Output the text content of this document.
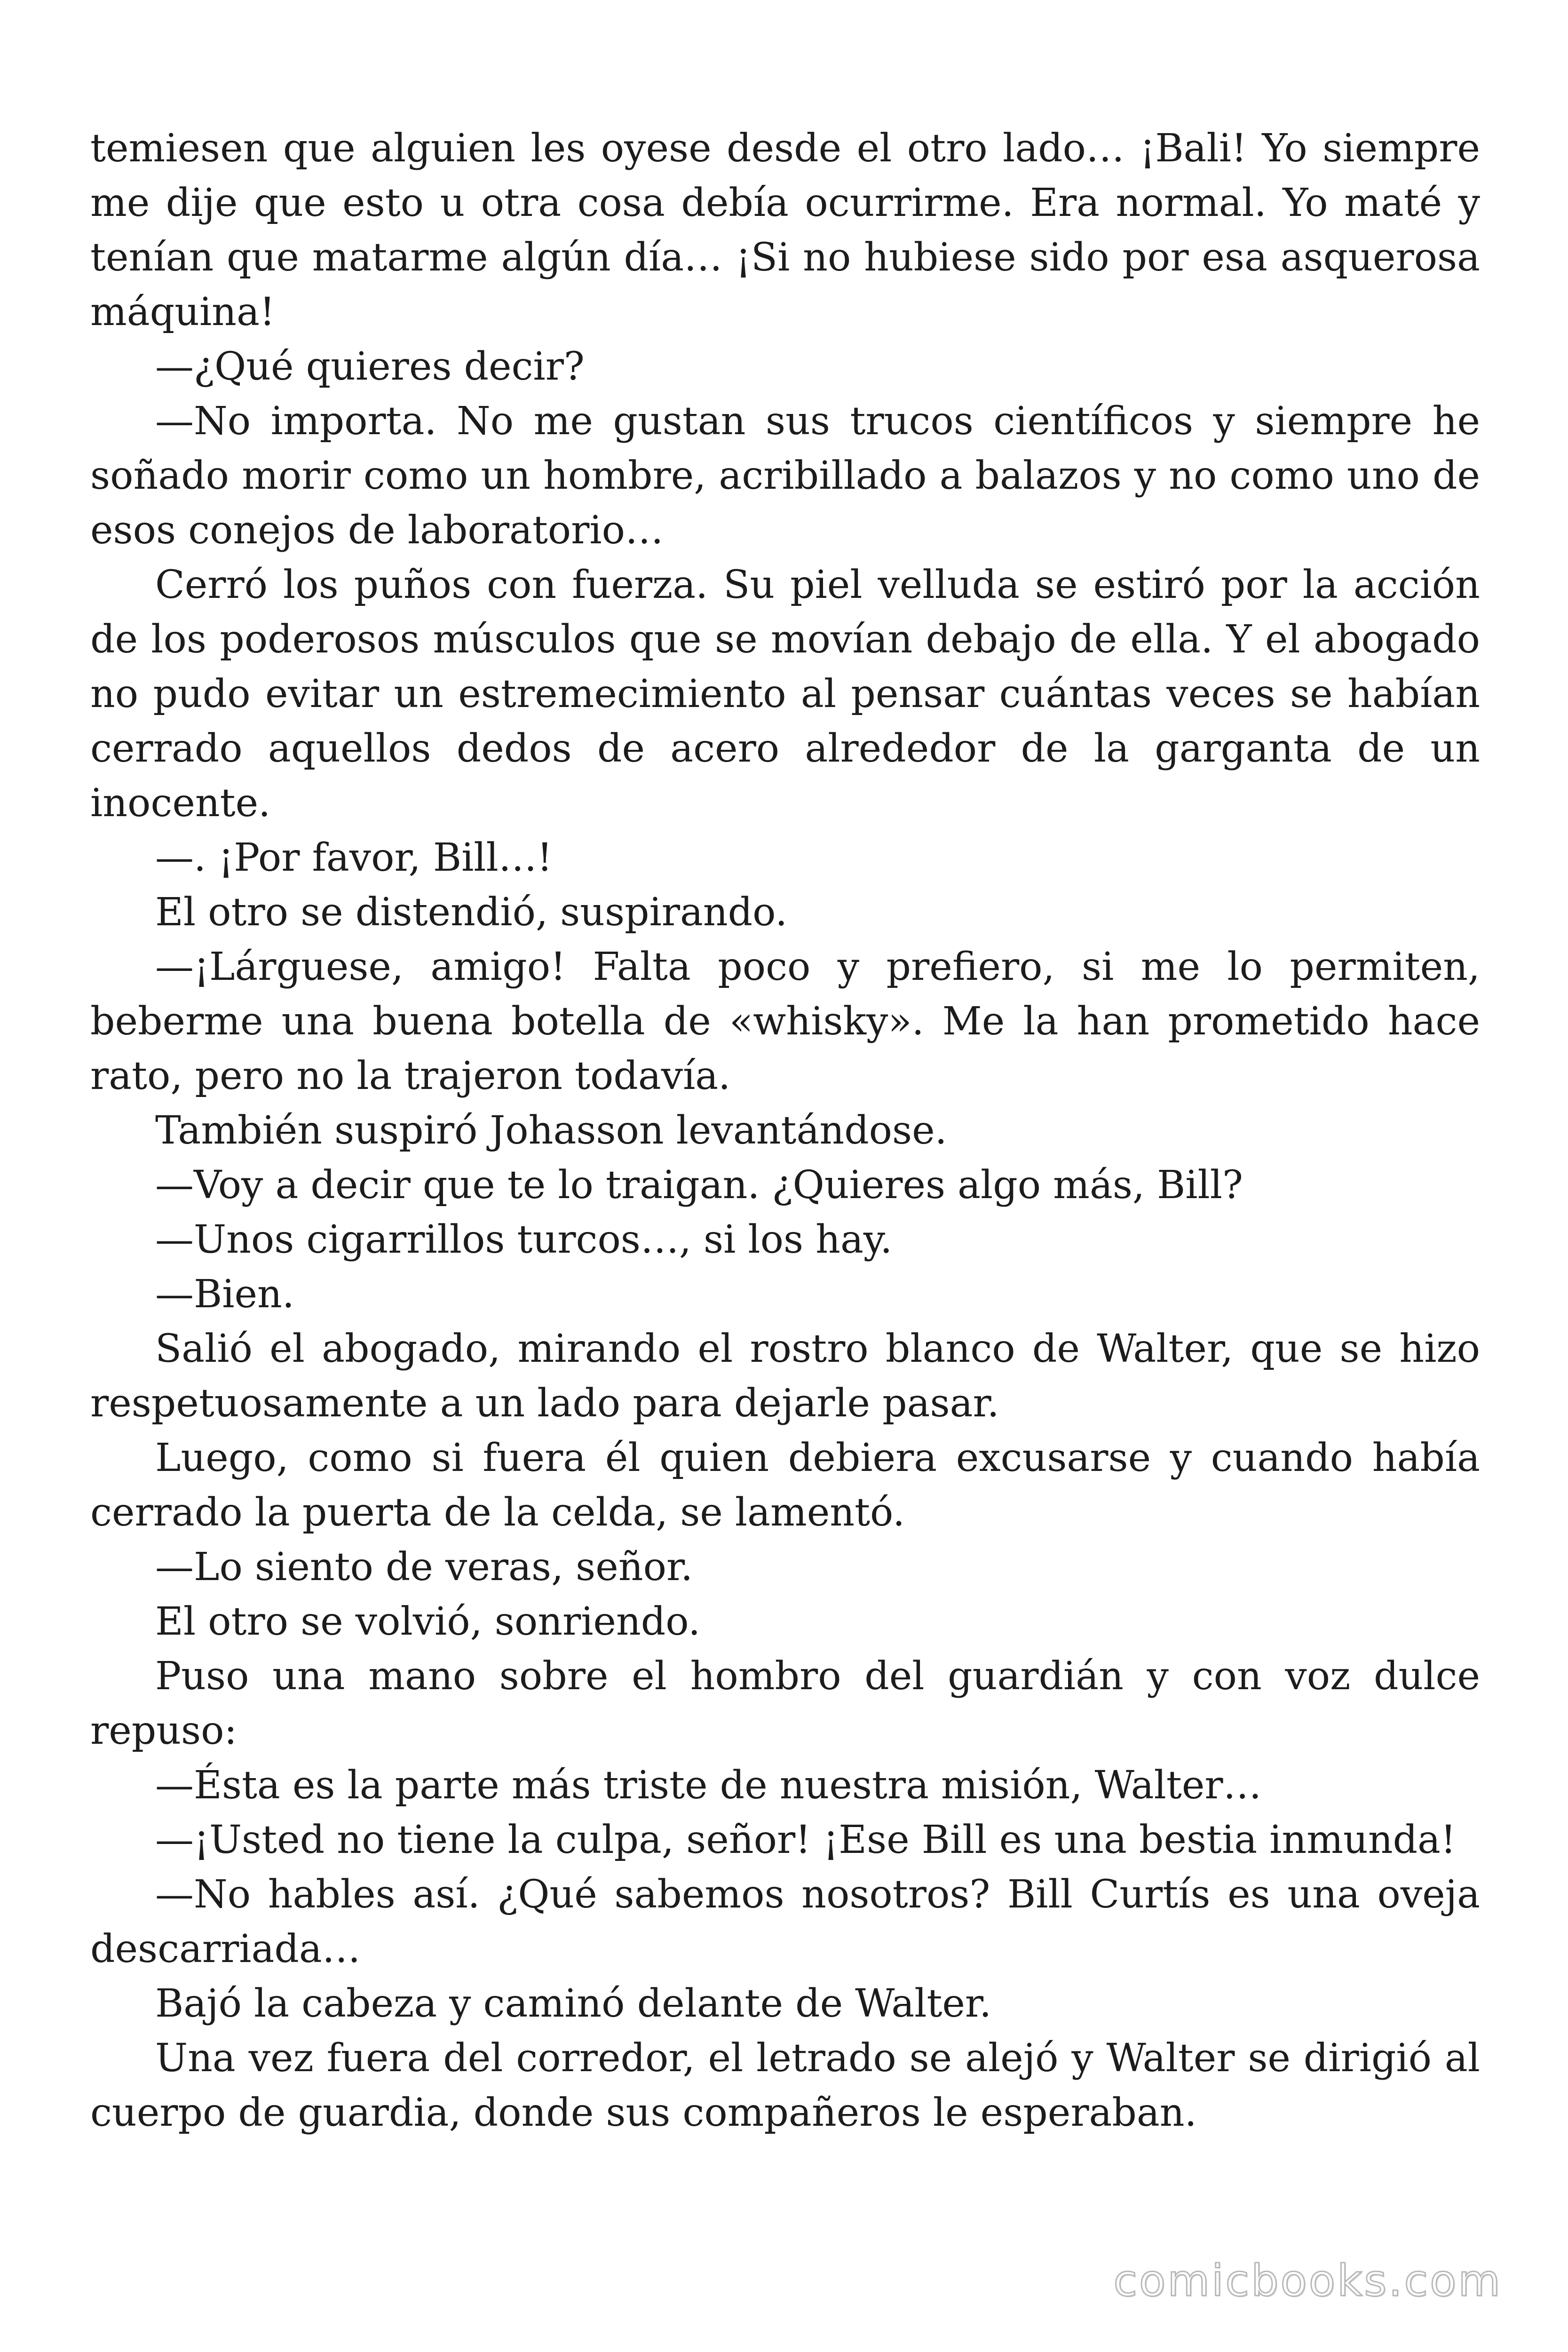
temiesen que alguien les oyese desde el otro lado… ¡Bali! Yo siempre me dije que esto u otra cosa debía ocurrirme. Era normal. Yo maté y tenían que matarme algún día… ¡Si no hubiese sido por esa asquerosa máquina!

—¿Qué quieres decir?

—No importa. No me gustan sus trucos científicos y siempre he soñado morir como un hombre, acribillado a balazos y no como uno de esos conejos de laboratorio…

Cerró los puños con fuerza. Su piel velluda se estiró por la acción de los poderosos músculos que se movían debajo de ella. Y el abogado no pudo evitar un estremecimiento al pensar cuántas veces se habían cerrado aquellos dedos de acero alrededor de la garganta de un inocente.

—. ¡Por favor, Bill…!

El otro se distendió, suspirando.

—¡Lárguese, amigo! Falta poco y prefiero, si me lo permiten, beberme una buena botella de «whisky». Me la han prometido hace rato, pero no la trajeron todavía.

También suspiró Johasson levantándose.

—Voy a decir que te lo traigan. ¿Quieres algo más, Bill?

—Unos cigarrillos turcos…, si los hay.

—Bien.

Salió el abogado, mirando el rostro blanco de Walter, que se hizo respetuosamente a un lado para dejarle pasar.

Luego, como si fuera él quien debiera excusarse y cuando había cerrado la puerta de la celda, se lamentó.

—Lo siento de veras, señor.

El otro se volvió, sonriendo.

Puso una mano sobre el hombro del guardián y con voz dulce repuso:

—Ésta es la parte más triste de nuestra misión, Walter…

—¡Usted no tiene la culpa, señor! ¡Ese Bill es una bestia inmunda!

—No hables así. ¿Qué sabemos nosotros? Bill Curtís es una oveja descarriada…

Bajó la cabeza y caminó delante de Walter.

Una vez fuera del corredor, el letrado se alejó y Walter se dirigió al cuerpo de guardia, donde sus compañeros le esperaban.

comicbooks.com
